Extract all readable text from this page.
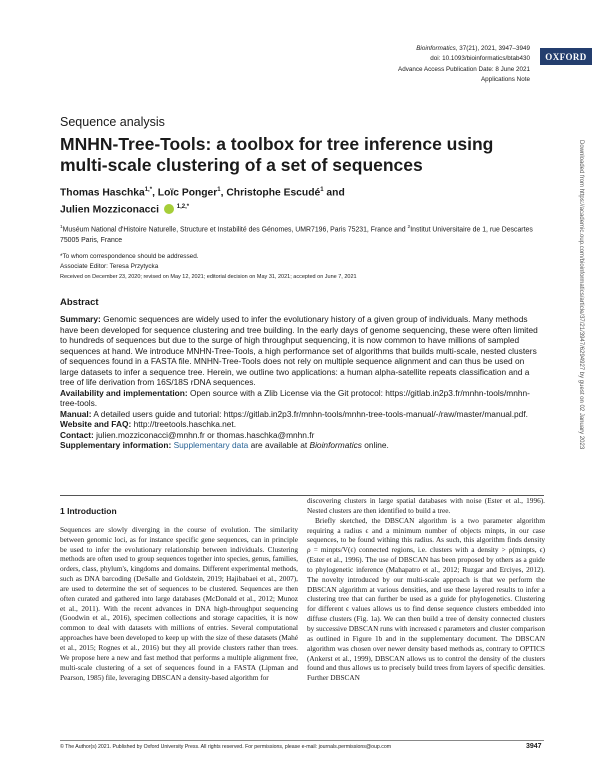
Bioinformatics, 37(21), 2021, 3947–3949
doi: 10.1093/bioinformatics/btab430
Advance Access Publication Date: 8 June 2021
Applications Note
OXFORD
Sequence analysis
MNHN-Tree-Tools: a toolbox for tree inference using multi-scale clustering of a set of sequences
Thomas Haschka$^{1,*}$, Loïc Ponger$^1$, Christophe Escudé$^1$ and
Julien Mozziconacci	$^{1,2,*}$
$^1$Muséum National d'Histoire Naturelle, Structure et Instabilité des Génomes, UMR7196, Paris 75231, France and $^2$Institut Universitaire de 1, rue Descartes 75005 Paris, France
*To whom correspondence should be addressed.
Associate Editor: Teresa Przytycka
Received on December 23, 2020; revised on May 12, 2021; editorial decision on May 31, 2021; accepted on June 7, 2021
Abstract

Summary: Genomic sequences are widely used to infer the evolutionary history of a given group of individuals. Many methods have been developed for sequence clustering and tree building. In the early days of genome sequencing, these were often limited to hundreds of sequences but due to the surge of high throughput sequencing, it is now common to have millions of sampled sequences at hand. We introduce MNHN-Tree-Tools, a high performance set of algorithms that builds multi-scale, nested clusters of sequences found in a FASTA file. MNHN-Tree-Tools does not rely on multiple sequence alignment and can thus be used on large datasets to infer a sequence tree. Herein, we outline two applications: a human alpha-satellite repeats classification and a tree of life derivation from 16S/18S rDNA sequences.

Availability and implementation: Open source with a Zlib License via the Git protocol: https://gitlab.in2p3.fr/mnhn-tools/mnhn-tree-tools.

Manual: A detailed users guide and tutorial: https://gitlab.in2p3.fr/mnhn-tools/mnhn-tree-tools-manual/-/raw/master/manual.pdf.

Website and FAQ: http://treetools.haschka.net.

Contact: julien.mozziconacci@mnhn.fr or thomas.haschka@mnhn.fr

Supplementary information: Supplementary data are available at Bioinformatics online.

1 Introduction

Sequences are slowly diverging in the course of evolution. The similarity between genomic loci, as for instance specific gene sequences, can in principle be used to infer the evolutionary relationship between individuals. Clustering methods are often used to group sequences together into species, genus, families, orders, class, phylum's, kingdoms and domains. Different experimental methods, such as DNA barcoding (DeSalle and Goldstein, 2019; Hajibabaei et al., 2007), are used to determine the set of sequences to be clustered. Sequences are then often curated and gathered into large databases (McDonald et al., 2012; Munoz et al., 2011). With the recent advances in DNA high-throughput sequencing (Goodwin et al., 2016), specimen collections and storage capacities, it is now common to deal with datasets with millions of entries. Several computational approaches have been developed to keep up with the size of these datasets (Mahé et al., 2015; Rognes et al., 2016) but they all provide clusters rather than trees. We propose here a new and fast method that performs a multiple alignment free, multi-scale clustering of a set of sequences found in a FASTA (Lipman and Pearson, 1985) file, leveraging DBSCAN a density-based algorithm for

discovering clusters in large spatial databases with noise (Ester et al., 1996). Nested clusters are then identified to build a tree.

Briefly sketched, the DBSCAN algorithm is a two parameter algorithm requiring a radius ϵ and a minimum number of objects minpts, in our case sequences, to be found withing this radius. As such, this algorithm finds density ρ = minpts/V(ϵ) connected regions, i.e. clusters with a density > ρ(minpts, ϵ) (Ester et al., 1996). The use of DBSCAN has been proposed by others as a guide to phylogenetic inference (Mahapatro et al., 2012; Ruzgar and Erciyes, 2012). The novelty introduced by our multi-scale approach is that we perform the DBSCAN algorithm at various densities, and use these layered results to infer a clustering tree that can further be used as a guide for phylogenetics. Clustering for different ϵ values allows us to find dense sequence clusters embedded into diffuse clusters (Fig. 1a). We can then build a tree of density connected clusters by successive DBSCAN runs with increased ϵ parameters and cluster comparison as outlined in Figure 1b and in the supplementary document. The DBSCAN algorithm was chosen over newer density based methods as, contrary to OPTICS (Ankerst et al., 1999), DBSCAN allows us to control the density of the clusters found and thus allows us to precisely build trees from layers of specific densities. Further DBSCAN

© The Author(s) 2021. Published by Oxford University Press. All rights reserved. For permissions, please e-mail: journals.permissions@oup.com	3947
Downloaded from https://academic.oup.com/bioinformatics/article/37/21/3947/6294927 by guest on 02 January 2023
